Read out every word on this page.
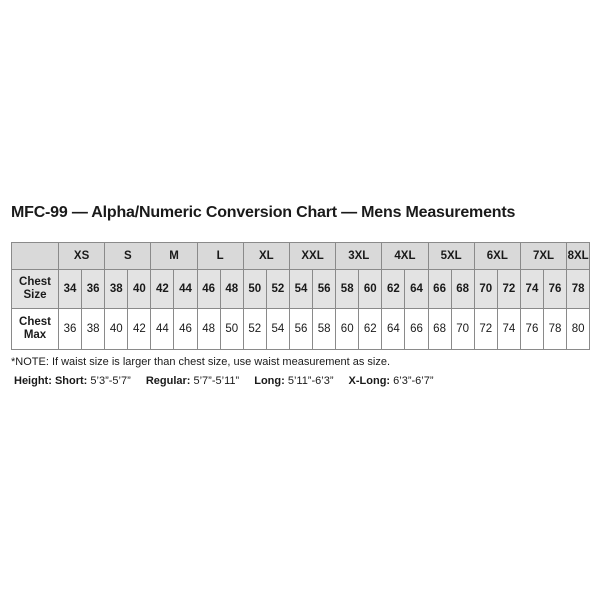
MFC-99 — Alpha/Numeric Conversion Chart — Mens Measurements
	XS		S		M		L		XL		XXL		3XL		4XL		5XL		6XL		7XL		8XL
Chest
Size	34	36	38	40	42	44	46	48	50	52	54	56	58	60	62	64	66	68	70	72	74	76	78
Chest
Max	36	38	40	42	44	46	48	50	52	54	56	58	60	62	64	66	68	70	72	74	76	78	80
*NOTE: If waist size is larger than chest size, use waist measurement as size.
Height: Short: 5’3”-5’7” Regular: 5’7”-5’11” Long: 5’11”-6’3” X-Long: 6’3”-6’7”
